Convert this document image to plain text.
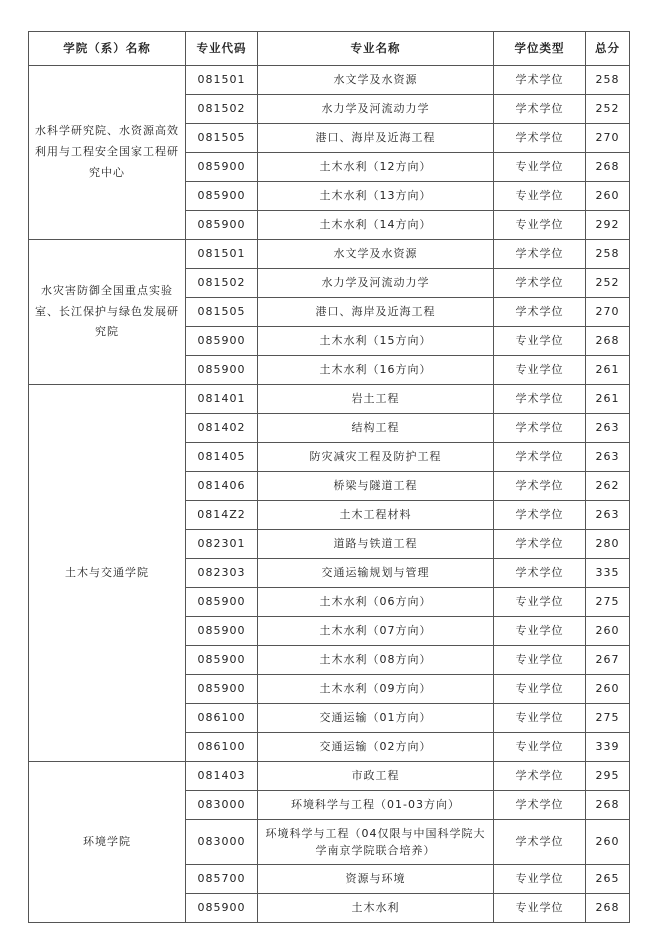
学院（系）名称	专业代码	专业名称	学位类型	总分
水科学研究院、水资源高效利用与工程安全国家工程研究中心	081501	水文学及水资源	学术学位	258
	081502	水力学及河流动力学	学术学位	252
	081505	港口、海岸及近海工程	学术学位	270
	085900	土木水利（12方向）	专业学位	268
	085900	土木水利（13方向）	专业学位	260
	085900	土木水利（14方向）	专业学位	292
水灾害防御全国重点实验室、长江保护与绿色发展研究院	081501	水文学及水资源	学术学位	258
	081502	水力学及河流动力学	学术学位	252
	081505	港口、海岸及近海工程	学术学位	270
	085900	土木水利（15方向）	专业学位	268
	085900	土木水利（16方向）	专业学位	261
土木与交通学院	081401	岩土工程	学术学位	261
	081402	结构工程	学术学位	263
	081405	防灾减灾工程及防护工程	学术学位	263
	081406	桥梁与隧道工程	学术学位	262
	0814Z2	土木工程材料	学术学位	263
	082301	道路与铁道工程	学术学位	280
	082303	交通运输规划与管理	学术学位	335
	085900	土木水利（06方向）	专业学位	275
	085900	土木水利（07方向）	专业学位	260
	085900	土木水利（08方向）	专业学位	267
	085900	土木水利（09方向）	专业学位	260
	086100	交通运输（01方向）	专业学位	275
	086100	交通运输（02方向）	专业学位	339
环境学院	081403	市政工程	学术学位	295
	083000	环境科学与工程（01-03方向）	学术学位	268
	083000	环境科学与工程（04仅限与中国科学院大学南京学院联合培养）	学术学位	260
	085700	资源与环境	专业学位	265
	085900	土木水利	专业学位	268
